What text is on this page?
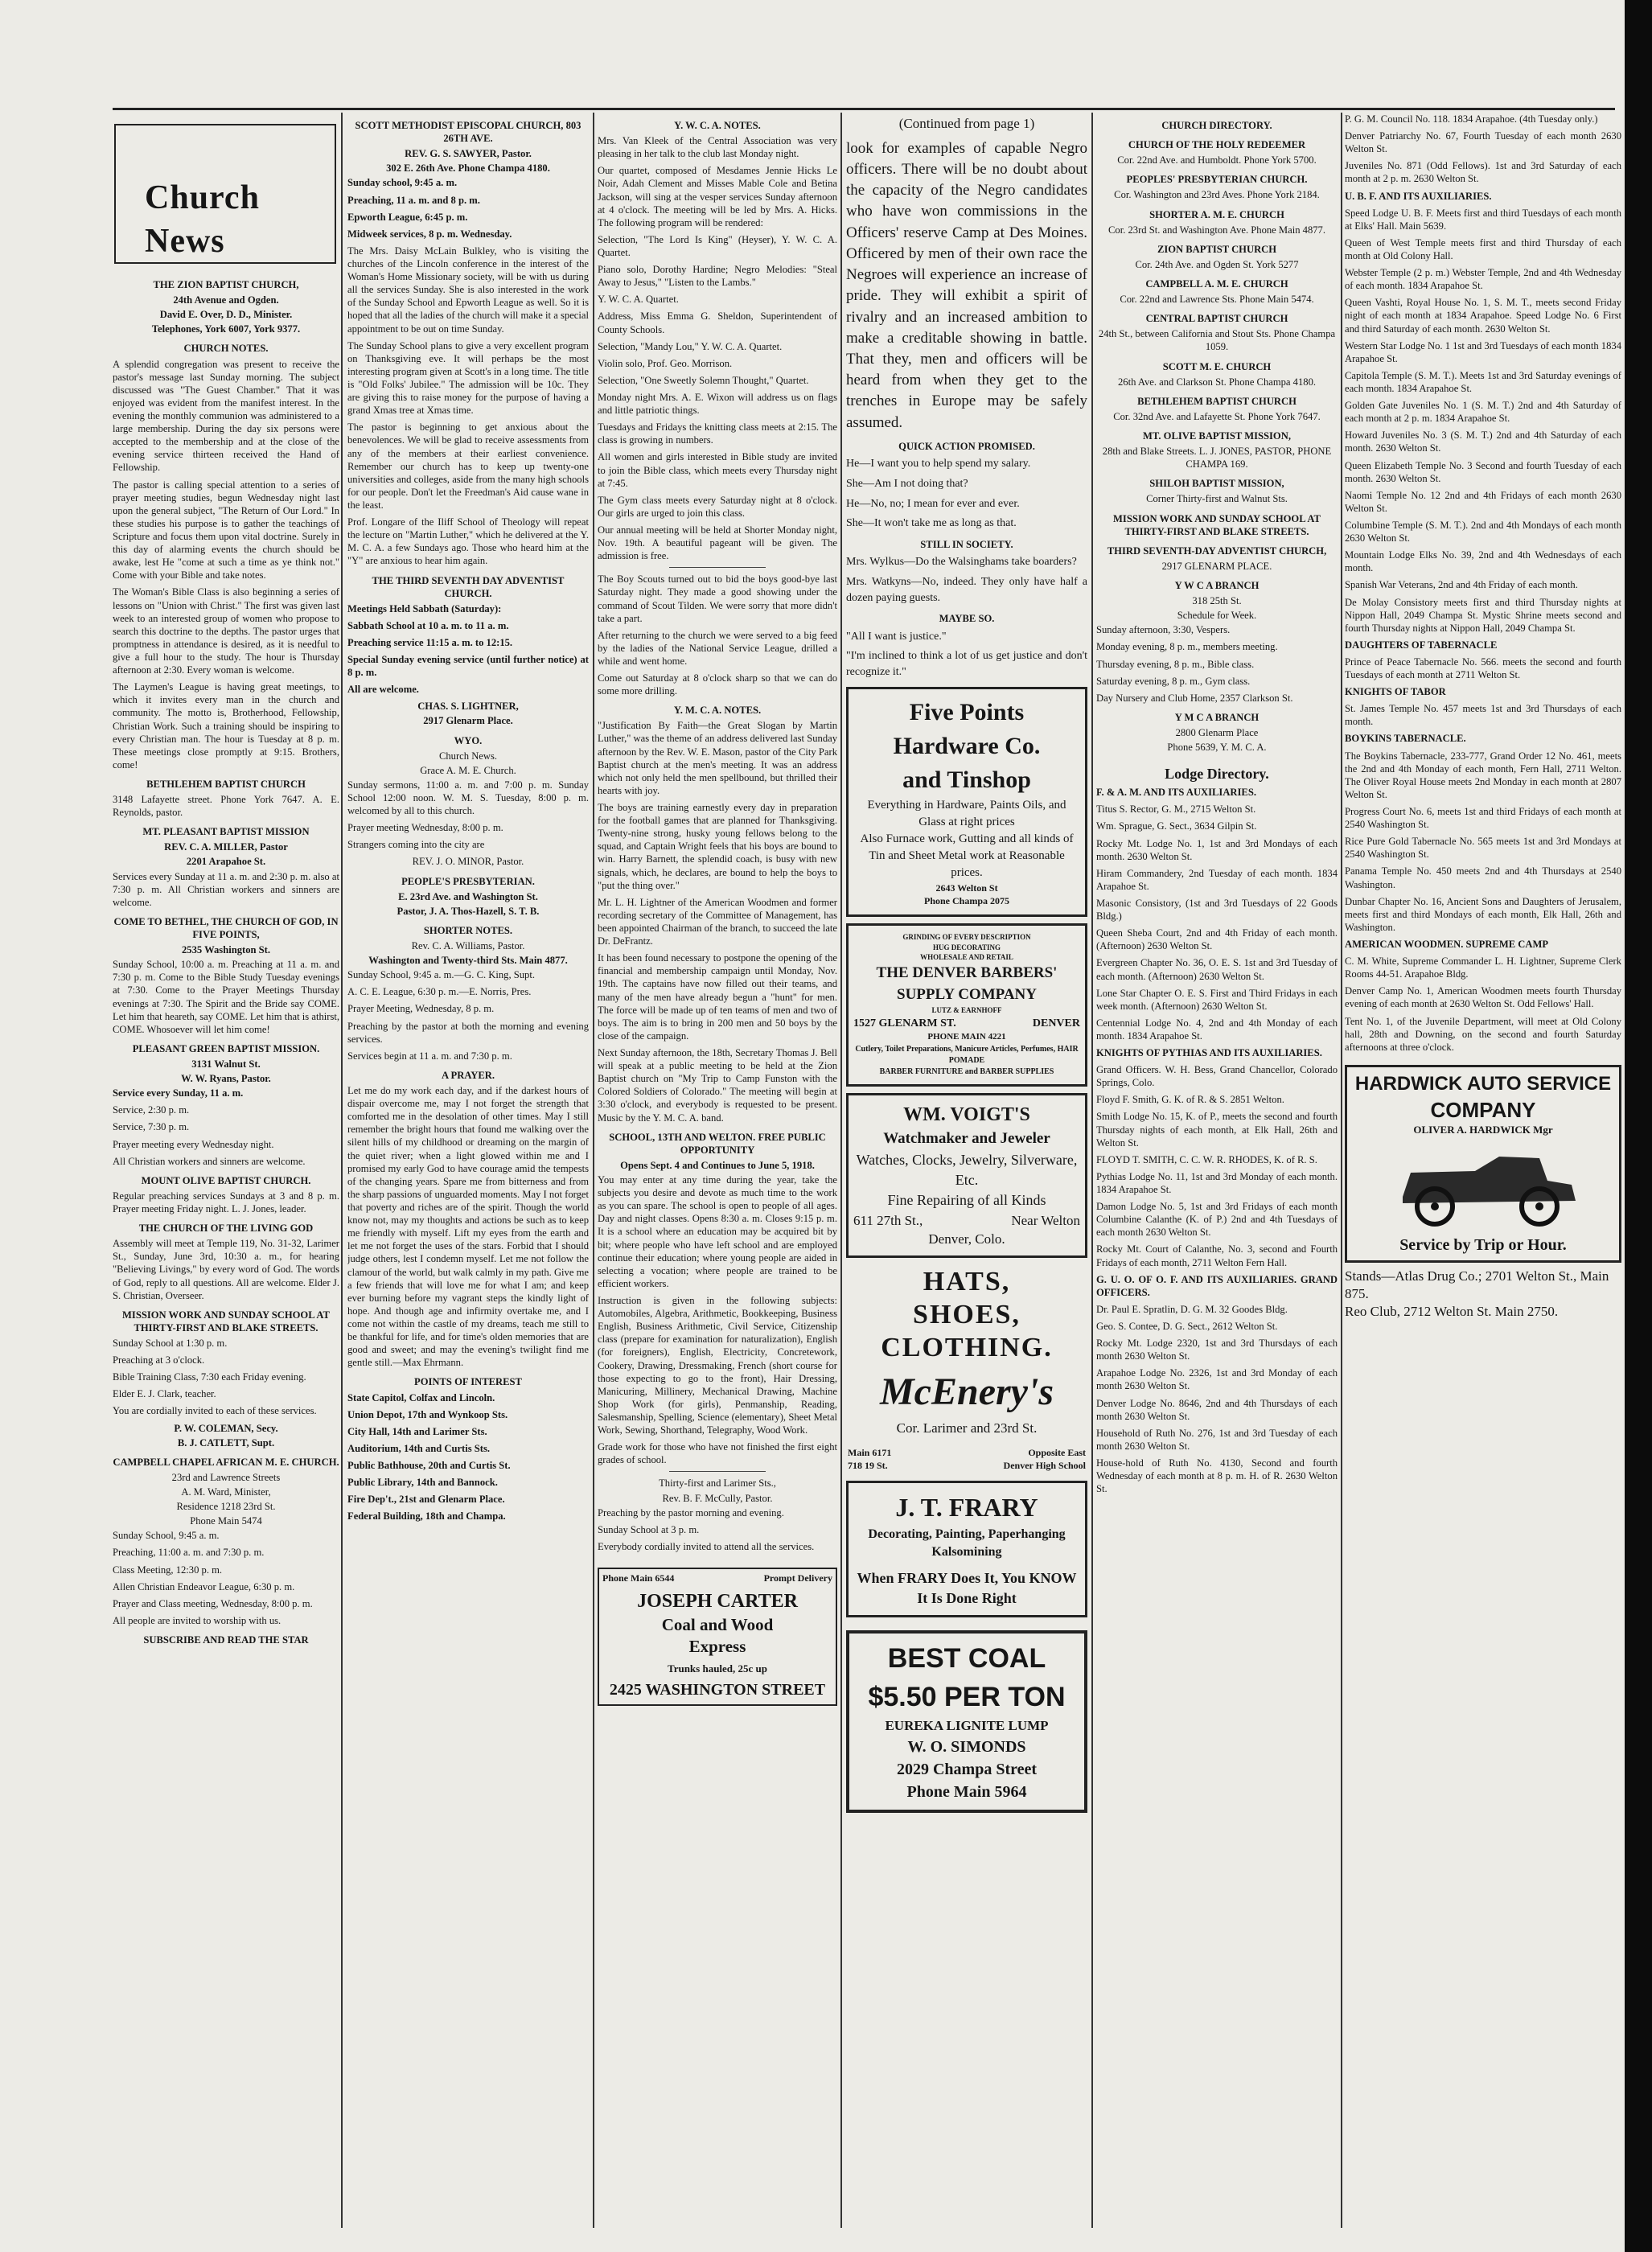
Church News
THE ZION BAPTIST CHURCH,
24th Avenue and Ogden.
David E. Over, D. D., Minister.
Telephones, York 6007, York 9377.
CHURCH NOTES.

A splendid congregation was present to receive the pastor's message last Sunday morning. The subject discussed was "The Guest Chamber." That it was enjoyed was evident from the manifest interest. In the evening the monthly communion was administered to a large membership. During the day six persons were accepted to the membership and at the close of the evening service thirteen received the Hand of Fellowship.

The pastor is calling special attention to a series of prayer meeting studies, begun Wednesday night last upon the general subject, "The Return of Our Lord." In these studies his purpose is to gather the teachings of Scripture and focus them upon vital doctrine. Surely in this day of alarming events the church should be awake, lest He "come at such a time as ye think not." Come with your Bible and take notes.

The Woman's Bible Class is also beginning a series of lessons on "Union with Christ." The first was given last week to an interested group of women who propose to search this doctrine to the depths. The pastor urges that promptness in attendance is desired, as it is needful to give a full hour to the study. The hour is Thursday afternoon at 2:30. Every woman is welcome.

The Laymen's League is having great meetings, to which it invites every man in the church and community. The motto is, Brotherhood, Fellowship, Christian Work. Such a training should be inspiring to every Christian man. The hour is Tuesday at 8 p. m. These meetings close promptly at 9:15. Brothers, come!

BETHLEHEM BAPTIST CHURCH

3148 Lafayette street. Phone York 7647. A. E. Reynolds, pastor.

MT. PLEASANT BAPTIST MISSION
REV. C. A. MILLER, Pastor
2201 Arapahoe St.

Services every Sunday at 11 a. m. and 2:30 p. m. also at 7:30 p. m. All Christian workers and sinners are welcome.

COME TO BETHEL, THE CHURCH OF GOD, IN FIVE POINTS,
2535 Washington St.

Sunday School, 10:00 a. m. Preaching at 11 a. m. and 7:30 p. m. Come to the Bible Study Tuesday evenings at 7:30. Come to the Prayer Meetings Thursday evenings at 7:30. The Spirit and the Bride say COME. Let him that heareth, say COME. Let him that is athirst, COME. Whosoever will let him come!

PLEASANT GREEN BAPTIST MISSION.
3131 Walnut St.
W. W. Ryans, Pastor.

Service every Sunday, 11 a. m.

Service, 2:30 p. m.

Service, 7:30 p. m.

Prayer meeting every Wednesday night.

All Christian workers and sinners are welcome.

MOUNT OLIVE BAPTIST CHURCH.

Regular preaching services Sundays at 3 and 8 p. m. Prayer meeting Friday night. L. J. Jones, leader.

THE CHURCH OF THE LIVING GOD

Assembly will meet at Temple 119, No. 31-32, Larimer St., Sunday, June 3rd, 10:30 a. m., for hearing "Believing Livings," by every word of God. The words of God, reply to all questions. All are welcome. Elder J. S. Christian, Overseer.

MISSION WORK AND SUNDAY SCHOOL AT THIRTY-FIRST AND BLAKE STREETS.

Sunday School at 1:30 p. m.

Preaching at 3 o'clock.

Bible Training Class, 7:30 each Friday evening.

Elder E. J. Clark, teacher.

You are cordially invited to each of these services.

P. W. COLEMAN, Secy.
B. J. CATLETT, Supt.
CAMPBELL CHAPEL AFRICAN M. E. CHURCH.
23rd and Lawrence Streets
A. M. Ward, Minister,
Residence 1218 23rd St.
Phone Main 5474

Sunday School, 9:45 a. m.

Preaching, 11:00 a. m. and 7:30 p. m.

Class Meeting, 12:30 p. m.

Allen Christian Endeavor League, 6:30 p. m.

Prayer and Class meeting, Wednesday, 8:00 p. m.

All people are invited to worship with us.

SUBSCRIBE AND READ THE STAR
SCOTT METHODIST EPISCOPAL CHURCH, 803 26TH AVE.
REV. G. S. SAWYER, Pastor.
302 E. 26th Ave. Phone Champa 4180.

Sunday school, 9:45 a. m.

Preaching, 11 a. m. and 8 p. m.

Epworth League, 6:45 p. m.

Midweek services, 8 p. m. Wednesday.

The Mrs. Daisy McLain Bulkley, who is visiting the churches of the Lincoln conference in the interest of the Woman's Home Missionary society, will be with us during all the services Sunday. She is also interested in the work of the Sunday School and Epworth League as well. So it is hoped that all the ladies of the church will make it a special appointment to be out on time Sunday.

The Sunday School plans to give a very excellent program on Thanksgiving eve. It will perhaps be the most interesting program given at Scott's in a long time. The title is "Old Folks' Jubilee." The admission will be 10c. They are giving this to raise money for the purpose of having a grand Xmas tree at Xmas time.

The pastor is beginning to get anxious about the benevolences. We will be glad to receive assessments from any of the members at their earliest convenience. Remember our church has to keep up twenty-one universities and colleges, aside from the many high schools for our people. Don't let the Freedman's Aid cause wane in the least.

Prof. Longare of the Iliff School of Theology will repeat the lecture on "Martin Luther," which he delivered at the Y. M. C. A. a few Sundays ago. Those who heard him at the "Y" are anxious to hear him again.

THE THIRD SEVENTH DAY ADVENTIST CHURCH.

Meetings Held Sabbath (Saturday):

Sabbath School at 10 a. m. to 11 a. m.

Preaching service 11:15 a. m. to 12:15.

Special Sunday evening service (until further notice) at 8 p. m.

All are welcome.

CHAS. S. LIGHTNER,
2917 Glenarm Place.
WYO.
Church News.
Grace A. M. E. Church.

Sunday sermons, 11:00 a. m. and 7:00 p. m. Sunday School 12:00 noon. W. M. S. Tuesday, 8:00 p. m. welcomed by all to this church.

Prayer meeting Wednesday, 8:00 p. m.

Strangers coming into the city are

REV. J. O. MINOR, Pastor.
PEOPLE'S PRESBYTERIAN.
E. 23rd Ave. and Washington St.
Pastor, J. A. Thos-Hazell, S. T. B.
SHORTER NOTES.
Rev. C. A. Williams, Pastor.
Washington and Twenty-third Sts. Main 4877.

Sunday School, 9:45 a. m.—G. C. King, Supt.

A. C. E. League, 6:30 p. m.—E. Norris, Pres.

Prayer Meeting, Wednesday, 8 p. m.

Preaching by the pastor at both the morning and evening services.

Services begin at 11 a. m. and 7:30 p. m.

A PRAYER.

Let me do my work each day, and if the darkest hours of dispair overcome me, may I not forget the strength that comforted me in the desolation of other times. May I still remember the bright hours that found me walking over the silent hills of my childhood or dreaming on the margin of the quiet river; when a light glowed within me and I promised my early God to have courage amid the tempests of the changing years. Spare me from bitterness and from the sharp passions of unguarded moments. May I not forget that poverty and riches are of the spirit. Though the world know not, may my thoughts and actions be such as to keep me friendly with myself. Lift my eyes from the earth and let me not forget the uses of the stars. Forbid that I should judge others, lest I condemn myself. Let me not follow the clamour of the world, but walk calmly in my path. Give me a few friends that will love me for what I am; and keep ever burning before my vagrant steps the kindly light of hope. And though age and infirmity overtake me, and I come not within the castle of my dreams, teach me still to be thankful for life, and for time's olden memories that are good and sweet; and may the evening's twilight find me gentle still.—Max Ehrmann.

POINTS OF INTEREST

State Capitol, Colfax and Lincoln.

Union Depot, 17th and Wynkoop Sts.

City Hall, 14th and Larimer Sts.

Auditorium, 14th and Curtis Sts.

Public Bathhouse, 20th and Curtis St.

Public Library, 14th and Bannock.

Fire Dep't., 21st and Glenarm Place.

Federal Building, 18th and Champa.

Y. W. C. A. NOTES.

Mrs. Van Kleek of the Central Association was very pleasing in her talk to the club last Monday night.

Our quartet, composed of Mesdames Jennie Hicks Le Noir, Adah Clement and Misses Mable Cole and Betina Jackson, will sing at the vesper services Sunday afternoon at 4 o'clock. The meeting will be led by Mrs. A. Hicks. The following program will be rendered:

Selection, "The Lord Is King" (Heyser), Y. W. C. A. Quartet.

Piano solo, Dorothy Hardine; Negro Melodies: "Steal Away to Jesus," "Listen to the Lambs."

Y. W. C. A. Quartet.

Address, Miss Emma G. Sheldon, Superintendent of County Schools.

Selection, "Mandy Lou," Y. W. C. A. Quartet.

Violin solo, Prof. Geo. Morrison.

Selection, "One Sweetly Solemn Thought," Quartet.

Monday night Mrs. A. E. Wixon will address us on flags and little patriotic things.

Tuesdays and Fridays the knitting class meets at 2:15. The class is growing in numbers.

All women and girls interested in Bible study are invited to join the Bible class, which meets every Thursday night at 7:45.

The Gym class meets every Saturday night at 8 o'clock. Our girls are urged to join this class.

Our annual meeting will be held at Shorter Monday night, Nov. 19th. A beautiful pageant will be given. The admission is free.

The Boy Scouts turned out to bid the boys good-bye last Saturday night. They made a good showing under the command of Scout Tilden. We were sorry that more didn't take a part.

After returning to the church we were served to a big feed by the ladies of the National Service League, drilled a while and went home.

Come out Saturday at 8 o'clock sharp so that we can do some more drilling.

Y. M. C. A. NOTES.

"Justification By Faith—the Great Slogan by Martin Luther," was the theme of an address delivered last Sunday afternoon by the Rev. W. E. Mason, pastor of the City Park Baptist church at the men's meeting. It was an address which not only held the men spellbound, but thrilled their hearts with joy.

The boys are training earnestly every day in preparation for the football games that are planned for Thanksgiving. Twenty-nine strong, husky young fellows belong to the squad, and Captain Wright feels that his boys are bound to win. Harry Barnett, the splendid coach, is busy with new signals, which, he declares, are bound to help the boys to "put the thing over."

Mr. L. H. Lightner of the American Woodmen and former recording secretary of the Committee of Management, has been appointed Chairman of the branch, to succeed the late Dr. DeFrantz.

It has been found necessary to postpone the opening of the financial and membership campaign until Monday, Nov. 19th. The captains have now filled out their teams, and many of the men have already begun a "hunt" for men. The force will be made up of ten teams of men and two of boys. The aim is to bring in 200 men and 50 boys by the close of the campaign.

Next Sunday afternoon, the 18th, Secretary Thomas J. Bell will speak at a public meeting to be held at the Zion Baptist church on "My Trip to Camp Funston with the Colored Soldiers of Colorado." The meeting will begin at 3:30 o'clock, and everybody is requested to be present. Music by the Y. M. C. A. band.

SCHOOL, 13TH AND WELTON. FREE PUBLIC OPPORTUNITY
Opens Sept. 4 and Continues to June 5, 1918.

You may enter at any time during the year, take the subjects you desire and devote as much time to the work as you can spare. The school is open to people of all ages. Day and night classes. Opens 8:30 a. m. Closes 9:15 p. m. It is a school where an education may be acquired bit by bit; where people who have left school and are employed continue their education; where young people are aided in selecting a vocation; where people are trained to be efficient workers.

Instruction is given in the following subjects: Automobiles, Algebra, Arithmetic, Bookkeeping, Business English, Business Arithmetic, Civil Service, Citizenship class (prepare for examination for naturalization), English (for foreigners), English, Electricity, Concretework, Cookery, Drawing, Dressmaking, French (short course for those expecting to go to the front), Hair Dressing, Manicuring, Millinery, Mechanical Drawing, Machine Shop Work (for girls), Penmanship, Reading, Salesmanship, Spelling, Science (elementary), Sheet Metal Work, Sewing, Shorthand, Telegraphy, Wood Work.

Grade work for those who have not finished the first eight grades of school.

Thirty-first and Larimer Sts.,
Rev. B. F. McCully, Pastor.

Preaching by the pastor morning and evening.

Sunday School at 3 p. m.

Everybody cordially invited to attend all the services.

Phone Main 6544	Prompt Delivery
JOSEPH CARTER
Coal and Wood
Express
Trunks hauled, 25c up
2425 WASHINGTON STREET
(Continued from page 1)

look for examples of capable Negro officers. There will be no doubt about the capacity of the Negro candidates who have won commissions in the Officers' reserve Camp at Des Moines. Officered by men of their own race the Negroes will experience an increase of pride. They will exhibit a spirit of rivalry and an increased ambition to make a creditable showing in battle. That they, men and officers will be heard from when they get to the trenches in Europe may be safely assumed.

QUICK ACTION PROMISED.

He—I want you to help spend my salary.

She—Am I not doing that?

He—No, no; I mean for ever and ever.

She—It won't take me as long as that.

STILL IN SOCIETY.

Mrs. Wylkus—Do the Walsinghams take boarders?

Mrs. Watkyns—No, indeed. They only have half a dozen paying guests.

MAYBE SO.

"All I want is justice."

"I'm inclined to think a lot of us get justice and don't recognize it."

Five Points
Hardware Co.
and Tinshop
Everything in Hardware, Paints Oils, and Glass at right prices
Also Furnace work, Gutting and all kinds of Tin and Sheet Metal work at Reasonable prices.
2643 Welton St
Phone Champa 2075
GRINDING OF EVERY DESCRIPTION
HUG DECORATING
WHOLESALE AND RETAIL
THE DENVER BARBERS'
SUPPLY COMPANY
LUTZ & EARNHOFF
1527 GLENARM ST.	DENVER
PHONE MAIN 4221
Cutlery, Toilet Preparations, Manicure Articles, Perfumes, HAIR POMADE
BARBER FURNITURE and BARBER SUPPLIES
WM. VOIGT'S
Watchmaker and Jeweler
Watches, Clocks, Jewelry, Silverware, Etc.
Fine Repairing of all Kinds
611 27th St.,	Near Welton
Denver, Colo.
HATS,
SHOES,
CLOTHING.
McEnery's
Cor. Larimer and 23rd St.
Main 6171	Opposite East
718 19 St.	Denver High School
J. T. FRARY
Decorating, Painting, Paperhanging Kalsomining
When FRARY Does It, You KNOW It Is Done Right
BEST COAL
$5.50 PER TON
EUREKA LIGNITE LUMP
W. O. SIMONDS
2029 Champa Street
Phone Main 5964
CHURCH DIRECTORY.
CHURCH OF THE HOLY REDEEMER
Cor. 22nd Ave. and Humboldt. Phone York 5700.
PEOPLES' PRESBYTERIAN CHURCH.
Cor. Washington and 23rd Aves. Phone York 2184.
SHORTER A. M. E. CHURCH
Cor. 23rd St. and Washington Ave. Phone Main 4877.
ZION BAPTIST CHURCH
Cor. 24th Ave. and Ogden St. York 5277
CAMPBELL A. M. E. CHURCH
Cor. 22nd and Lawrence Sts. Phone Main 5474.
CENTRAL BAPTIST CHURCH
24th St., between California and Stout Sts. Phone Champa 1059.
SCOTT M. E. CHURCH
26th Ave. and Clarkson St. Phone Champa 4180.
BETHLEHEM BAPTIST CHURCH
Cor. 32nd Ave. and Lafayette St. Phone York 7647.
MT. OLIVE BAPTIST MISSION,
28th and Blake Streets. L. J. JONES, PASTOR, PHONE CHAMPA 169.
SHILOH BAPTIST MISSION,
Corner Thirty-first and Walnut Sts.
MISSION WORK AND SUNDAY SCHOOL AT THIRTY-FIRST AND BLAKE STREETS.
THIRD SEVENTH-DAY ADVENTIST CHURCH,
2917 GLENARM PLACE.
Y W C A BRANCH
318 25th St.
Schedule for Week.

Sunday afternoon, 3:30, Vespers.

Monday evening, 8 p. m., members meeting.

Thursday evening, 8 p. m., Bible class.

Saturday evening, 8 p. m., Gym class.

Day Nursery and Club Home, 2357 Clarkson St.

Y M C A BRANCH
2800 Glenarm Place
Phone 5639, Y. M. C. A.
Lodge Directory.

F. & A. M. AND ITS AUXILIARIES.

Titus S. Rector, G. M., 2715 Welton St.

Wm. Sprague, G. Sect., 3634 Gilpin St.

Rocky Mt. Lodge No. 1, 1st and 3rd Mondays of each month. 2630 Welton St.

Hiram Commandery, 2nd Tuesday of each month. 1834 Arapahoe St.

Masonic Consistory, (1st and 3rd Tuesdays of 22 Goods Bldg.)

Queen Sheba Court, 2nd and 4th Friday of each month. (Afternoon) 2630 Welton St.

Evergreen Chapter No. 36, O. E. S. 1st and 3rd Tuesday of each month. (Afternoon) 2630 Welton St.

Lone Star Chapter O. E. S. First and Third Fridays in each week month. (Afternoon) 2630 Welton St.

Centennial Lodge No. 4, 2nd and 4th Monday of each month. 1834 Arapahoe St.

KNIGHTS OF PYTHIAS AND ITS AUXILIARIES.

Grand Officers. W. H. Bess, Grand Chancellor, Colorado Springs, Colo.

Floyd F. Smith, G. K. of R. & S. 2851 Welton.

Smith Lodge No. 15, K. of P., meets the second and fourth Thursday nights of each month, at Elk Hall, 26th and Welton St.

FLOYD T. SMITH, C. C. W. R. RHODES, K. of R. S.

Pythias Lodge No. 11, 1st and 3rd Monday of each month. 1834 Arapahoe St.

Damon Lodge No. 5, 1st and 3rd Fridays of each month Columbine Calanthe (K. of P.) 2nd and 4th Tuesdays of each month 2630 Welton St.

Rocky Mt. Court of Calanthe, No. 3, second and Fourth Fridays of each month, 2711 Welton Fern Hall.

G. U. O. OF O. F. AND ITS AUXILIARIES. GRAND OFFICERS.

Dr. Paul E. Spratlin, D. G. M. 32 Goodes Bldg.

Geo. S. Contee, D. G. Sect., 2612 Welton St.

Rocky Mt. Lodge 2320, 1st and 3rd Thursdays of each month 2630 Welton St.

Arapahoe Lodge No. 2326, 1st and 3rd Monday of each month 2630 Welton St.

Denver Lodge No. 8646, 2nd and 4th Thursdays of each month 2630 Welton St.

Household of Ruth No. 276, 1st and 3rd Tuesday of each month 2630 Welton St.

House-hold of Ruth No. 4130, Second and fourth Wednesday of each month at 8 p. m. H. of R. 2630 Welton St.

P. G. M. Council No. 118. 1834 Arapahoe. (4th Tuesday only.)

Denver Patriarchy No. 67, Fourth Tuesday of each month 2630 Welton St.

Juveniles No. 871 (Odd Fellows). 1st and 3rd Saturday of each month at 2 p. m. 2630 Welton St.

U. B. F. AND ITS AUXILIARIES.

Speed Lodge U. B. F. Meets first and third Tuesdays of each month at Elks' Hall. Main 5639.

Queen of West Temple meets first and third Thursday of each month at Old Colony Hall.

Webster Temple (2 p. m.) Webster Temple, 2nd and 4th Wednesday of each month. 1834 Arapahoe St.

Queen Vashti, Royal House No. 1, S. M. T., meets second Friday night of each month at 1834 Arapahoe. Speed Lodge No. 6 First and third Saturday of each month. 2630 Welton St.

Western Star Lodge No. 1 1st and 3rd Tuesdays of each month 1834 Arapahoe St.

Capitola Temple (S. M. T.). Meets 1st and 3rd Saturday evenings of each month. 1834 Arapahoe St.

Golden Gate Juveniles No. 1 (S. M. T.) 2nd and 4th Saturday of each month at 2 p. m. 1834 Arapahoe St.

Howard Juveniles No. 3 (S. M. T.) 2nd and 4th Saturday of each month. 2630 Welton St.

Queen Elizabeth Temple No. 3 Second and fourth Tuesday of each month. 2630 Welton St.

Naomi Temple No. 12 2nd and 4th Fridays of each month 2630 Welton St.

Columbine Temple (S. M. T.). 2nd and 4th Mondays of each month 2630 Welton St.

Mountain Lodge Elks No. 39, 2nd and 4th Wednesdays of each month.

Spanish War Veterans, 2nd and 4th Friday of each month.

De Molay Consistory meets first and third Thursday nights at Nippon Hall, 2049 Champa St. Mystic Shrine meets second and fourth Thursday nights at Nippon Hall, 2049 Champa St.

DAUGHTERS OF TABERNACLE

Prince of Peace Tabernacle No. 566. meets the second and fourth Tuesdays of each month at 2711 Welton St.

KNIGHTS OF TABOR

St. James Temple No. 457 meets 1st and 3rd Thursdays of each month.

BOYKINS TABERNACLE.

The Boykins Tabernacle, 233-777, Grand Order 12 No. 461, meets the 2nd and 4th Monday of each month, Fern Hall, 2711 Welton. The Oliver Royal House meets 2nd Monday in each month at 2807 Welton St.

Progress Court No. 6, meets 1st and third Fridays of each month at 2540 Washington St.

Rice Pure Gold Tabernacle No. 565 meets 1st and 3rd Mondays at 2540 Washington St.

Panama Temple No. 450 meets 2nd and 4th Thursdays at 2540 Washington.

Dunbar Chapter No. 16, Ancient Sons and Daughters of Jerusalem, meets first and third Mondays of each month, Elk Hall, 26th and Washington.

AMERICAN WOODMEN. SUPREME CAMP

C. M. White, Supreme Commander L. H. Lightner, Supreme Clerk Rooms 44-51. Arapahoe Bldg.

Denver Camp No. 1, American Woodmen meets fourth Thursday evening of each month at 2630 Welton St. Odd Fellows' Hall.

Tent No. 1, of the Juvenile Department, will meet at Old Colony hall, 28th and Downing, on the second and fourth Saturday afternoons at three o'clock.

HARDWICK AUTO SERVICE
COMPANY
OLIVER A. HARDWICK Mgr
Service by Trip or Hour.
Stands—Atlas Drug Co.; 2701 Welton St., Main 875.
Reo Club, 2712 Welton St. Main 2750.
